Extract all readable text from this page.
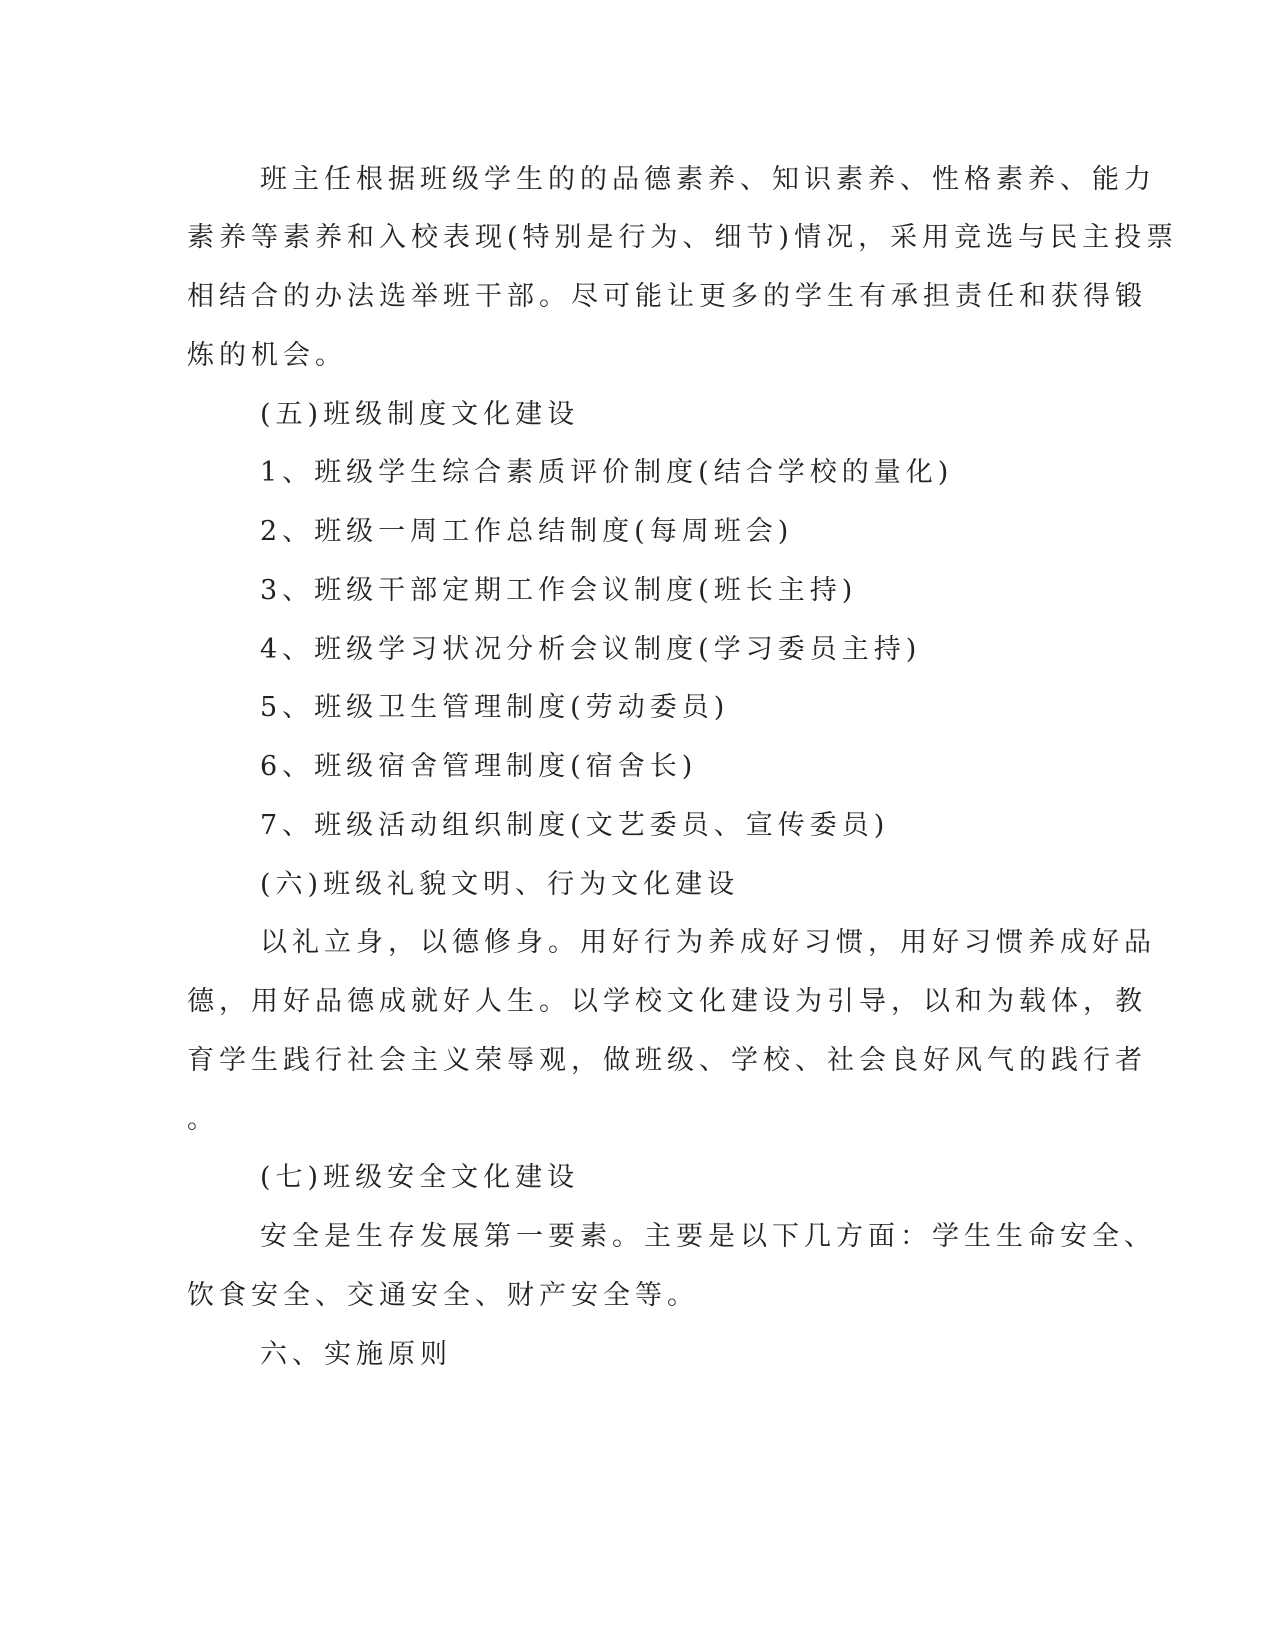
班主任根据班级学生的的品德素养、知识素养、性格素养、能力
素养等素养和入校表现(特别是行为、细节)情况，采用竞选与民主投票
相结合的办法选举班干部。尽可能让更多的学生有承担责任和获得锻
炼的机会。
(五)班级制度文化建设
1、班级学生综合素质评价制度(结合学校的量化)
2、班级一周工作总结制度(每周班会)
3、班级干部定期工作会议制度(班长主持)
4、班级学习状况分析会议制度(学习委员主持)
5、班级卫生管理制度(劳动委员)
6、班级宿舍管理制度(宿舍长)
7、班级活动组织制度(文艺委员、宣传委员)
(六)班级礼貌文明、行为文化建设
以礼立身，以德修身。用好行为养成好习惯，用好习惯养成好品
德，用好品德成就好人生。以学校文化建设为引导，以和为载体，教
育学生践行社会主义荣辱观，做班级、学校、社会良好风气的践行者
。
(七)班级安全文化建设
安全是生存发展第一要素。主要是以下几方面：学生生命安全、
饮食安全、交通安全、财产安全等。
六、实施原则
